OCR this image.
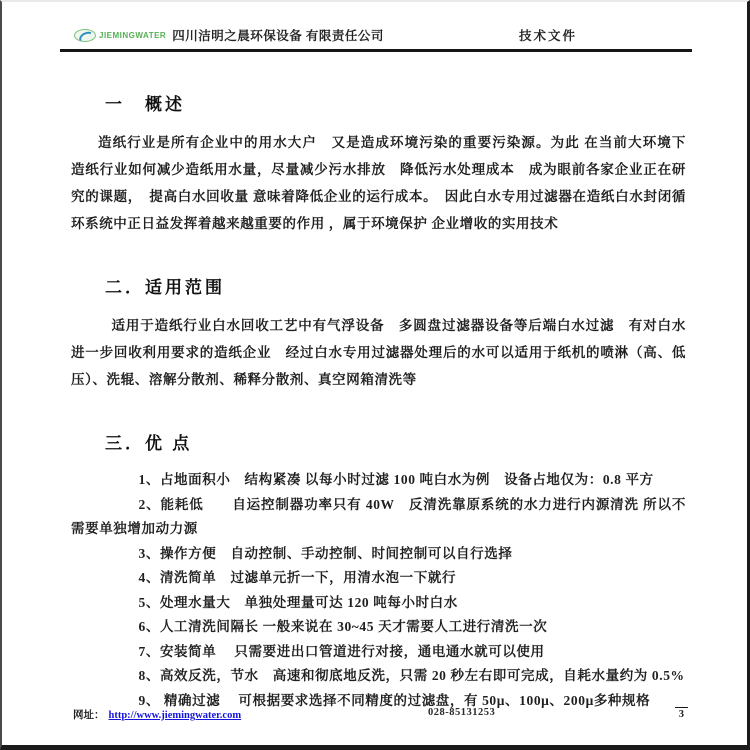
JIEMINGWATER 四川洁明之晨环保设备 有限责任公司	技术文件
一　概述

造纸行业是所有企业中的用水大户　又是造成环境污染的重要污染源。为此 在当前大环境下　造纸行业如何减少造纸用水量，尽量减少污水排放　降低污水处理成本　成为眼前各家企业正在研究的课题，　提高白水回收量 意味着降低企业的运行成本。　因此白水专用过滤器在造纸白水封闭循环系统中正日益发挥着越来越重要的作用 ，属于环境保护 企业增收的实用技术

二．适用范围

适用于造纸行业白水回收工艺中有气浮设备　多圆盘过滤器设备等后端白水过滤　有对白水进一步回收利用要求的造纸企业　经过白水专用过滤器处理后的水可以适用于纸机的喷淋（高、低压）、洗辊、溶解分散剂、稀释分散剂、真空网箱清洗等

三．优 点

1、占地面积小　结构紧凑 以每小时过滤 100 吨白水为例　设备占地仅为：0.8 平方

2、能耗低　　自运控制器功率只有 40W　反清洗靠原系统的水力进行内源清洗 所以不需要单独增加动力源

3、操作方便　自动控制、手动控制、时间控制可以自行选择

4、清洗简单　过滤单元折一下，用清水泡一下就行

5、处理水量大　单独处理量可达 120 吨每小时白水

6、人工清洗间隔长 一般来说在 30~45 天才需要人工进行清洗一次

7、安装简单　 只需要进出口管道进行对接，通电通水就可以使用

8、高效反洗，节水　高速和彻底地反洗，只需 20 秒左右即可完成，自耗水量约为 0.5%

9、 精确过滤　 可根据要求选择不同精度的过滤盘，有 50μ、100μ、200μ多种规格

网址： http://www.jiemingwater.com	028-85131253	3
